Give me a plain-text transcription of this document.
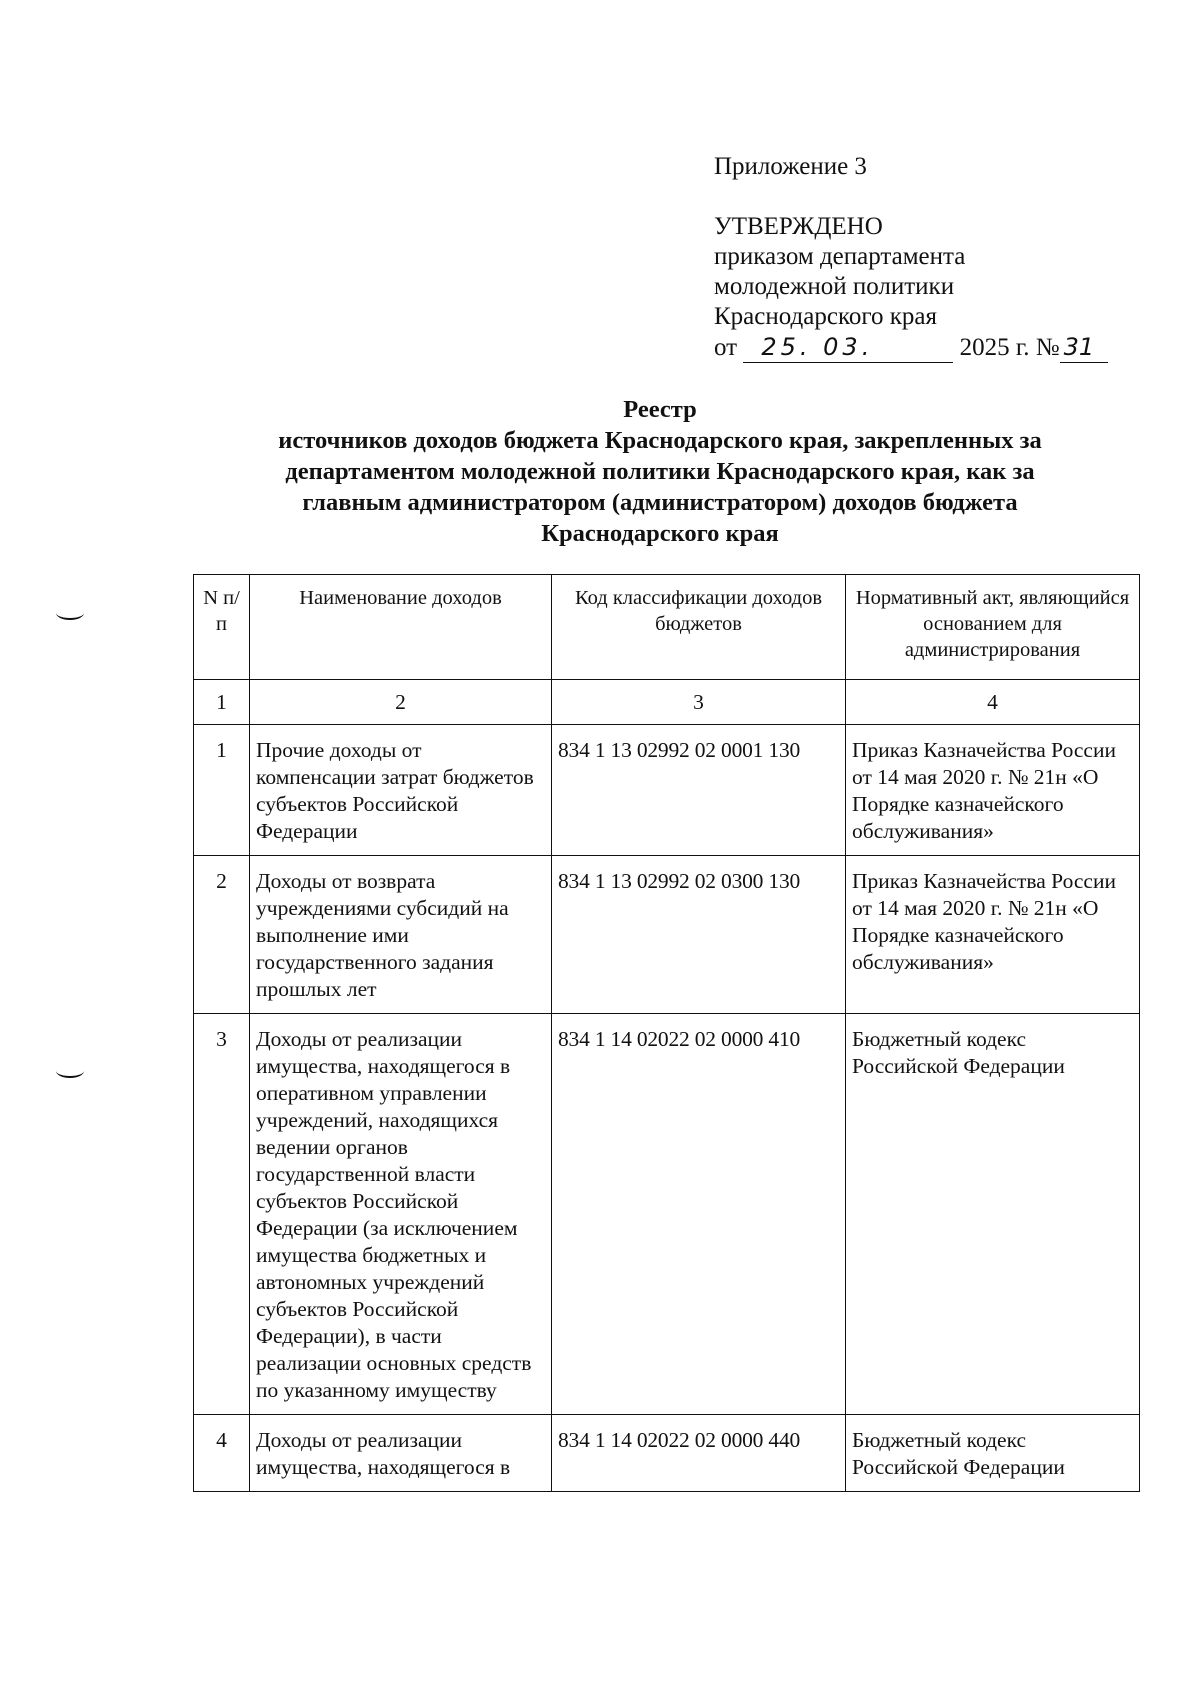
Приложение 3
УТВЕРЖДЕНО
приказом департамента
молодежной политики
Краснодарского края
от 25. 03.	2025 г. № 31
Реестр
источников доходов бюджета Краснодарского края, закрепленных за
департаментом молодежной политики Краснодарского края, как за
главным администратором (администратором) доходов бюджета
Краснодарского края
N п/п	Наименование доходов	Код классификации доходов бюджетов	Нормативный акт, являющийся основанием для администрирования
1	2	3	4
1	Прочие доходы от компенсации затрат бюджетов субъектов Российской Федерации	834 1 13 02992 02 0001 130	Приказ Казначейства России от 14 мая 2020 г. № 21н «О Порядке казначейского обслуживания»
2	Доходы от возврата учреждениями субсидий на выполнение ими государственного задания прошлых лет	834 1 13 02992 02 0300 130	Приказ Казначейства России от 14 мая 2020 г. № 21н «О Порядке казначейского обслуживания»
3	Доходы от реализации имущества, находящегося в оперативном управлении учреждений, находящихся ведении органов государственной власти субъектов Российской Федерации (за исключением имущества бюджетных и автономных учреждений субъектов Российской Федерации), в части реализации основных средств по указанному имуществу	834 1 14 02022 02 0000 410	Бюджетный кодекс Российской Федерации
4	Доходы от реализации имущества, находящегося в	834 1 14 02022 02 0000 440	Бюджетный кодекс Российской Федерации
